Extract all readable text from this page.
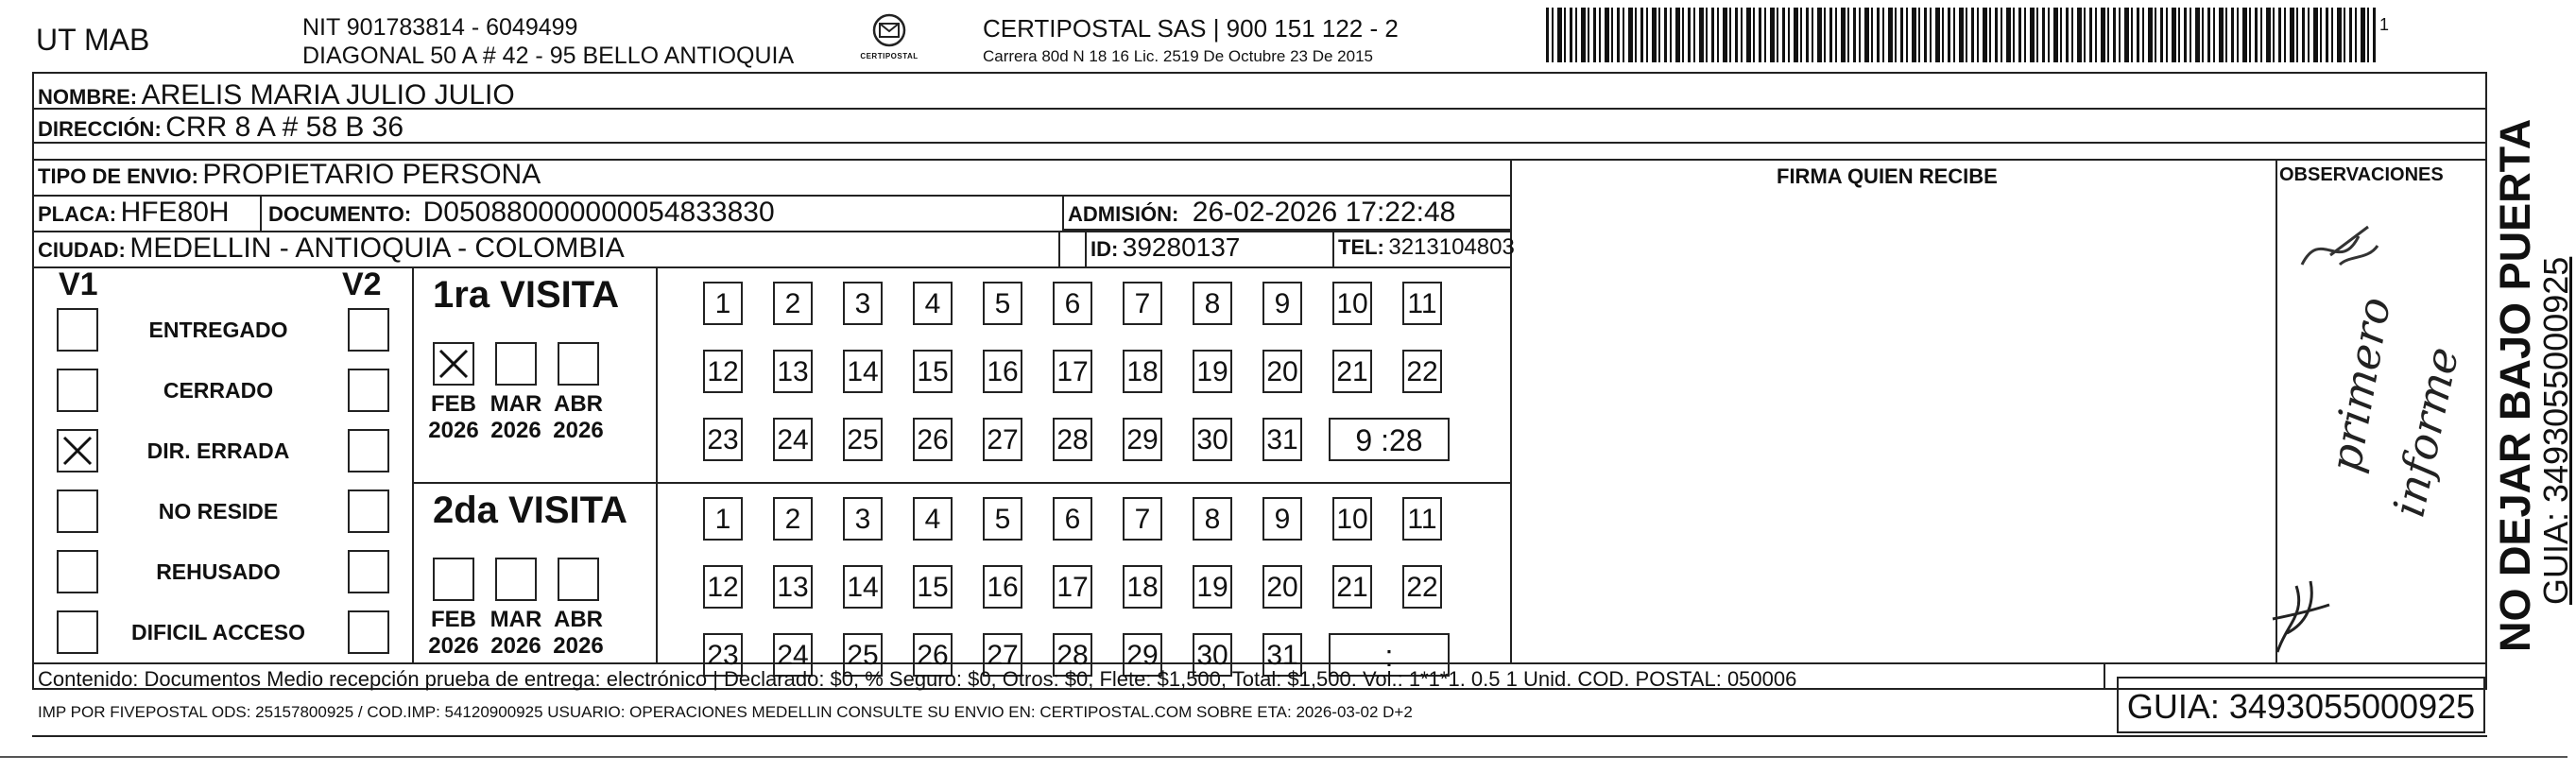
UT MAB	NIT 901783814 - 6049499
DIAGONAL 50 A # 42 - 95 BELLO ANTIOQUIA	CERTIPOSTAL
CERTIPOSTAL SAS | 900 151 122 - 2
Carrera 80d N 18 16 Lic. 2519 De Octubre 23 De 2015
1
NOMBRE: ARELIS MARIA JULIO JULIO
DIRECCIÓN: CRR 8 A # 58 B 36
TIPO DE ENVIO: PROPIETARIO PERSONA	FIRMA QUIEN RECIBE	OBSERVACIONES
PLACA: HFE80H DOCUMENTO: D050880000000054833830	ADMISIÓN: 26-02-2026 17:22:48
CIUDAD: MEDELLIN - ANTIOQUIA - COLOMBIA	ID: 39280137	TEL: 3213104803
V1	V2
ENTREGADO
CERRADO
DIR. ERRADA
NO RESIDE
REHUSADO
DIFICIL ACCESO
1ra VISITA
2da VISITA
FEB
2026
MAR
2026
ABR
2026
1	2	3	4	5	6	7	8	9	10 11
12 13 14 15 16 17 18 19 20 21 22
23 24 25 26 27 28 29 30 31	9 :28
FEB
2026
MAR
2026
ABR
2026
1	2	3	4	5	6	7	8	9	10 11
12 13 14 15 16 17 18 19 20 21 22
23 24 25 26 27 28 29 30 31	:
primero
informe NO DEJAR BAJO PUERTA
GUIA: 3493055000925
Contenido: Documentos Medio recepción prueba de entrega: electrónico | Declarado: $0, % Seguro: $0, Otros: $0, Flete: $1,500, Total: $1,500. Vol.: 1*1*1. 0.5 1 Unid. COD. POSTAL: 050006
IMP POR FIVEPOSTAL ODS: 25157800925 / COD.IMP: 54120900925 USUARIO: OPERACIONES MEDELLIN CONSULTE SU ENVIO EN: CERTIPOSTAL.COM SOBRE ETA: 2026-03-02 D+2	GUIA: 3493055000925
